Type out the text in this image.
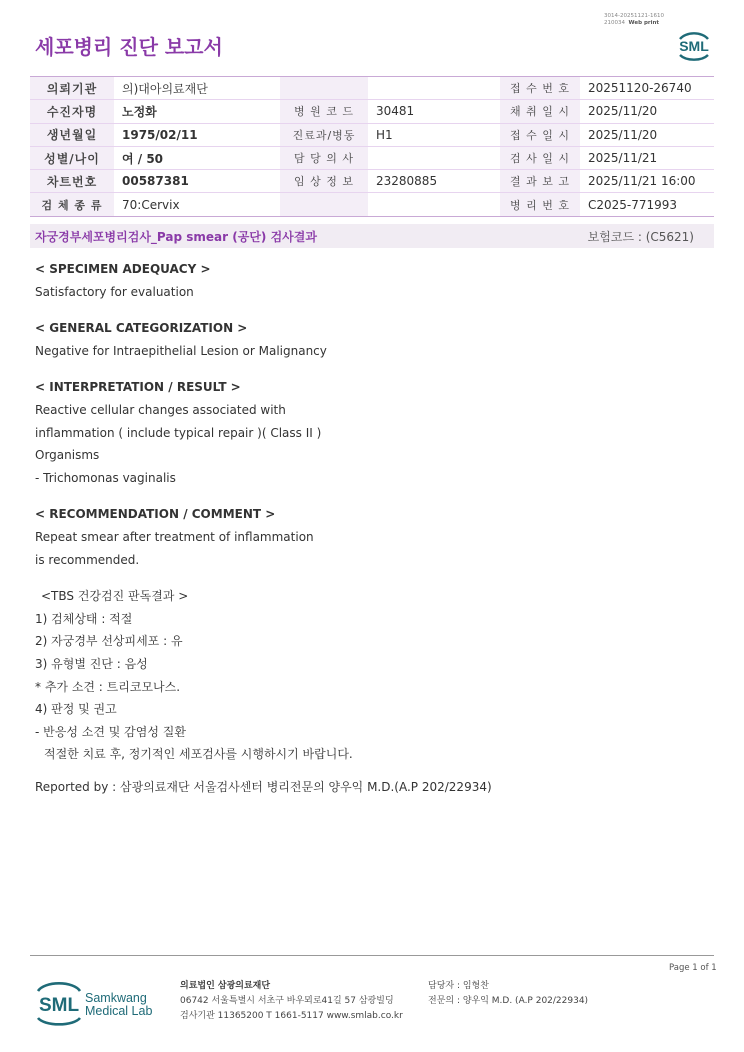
3014-20251121-1610
210034 Web print
세포병리 진단 보고서	SML
의뢰기관	의)대아의료재단			접 수 번 호	20251120-26740
수진자명	노정화	병 원 코 드	30481	채 취 일 시	2025/11/20
생년월일	1975/02/11	진료과/병동	H1	접 수 일 시	2025/11/20
성별/나이	여 / 50	담 당 의 사		검 사 일 시	2025/11/21
차트번호	00587381	임 상 정 보	23280885	결 과 보 고	2025/11/21 16:00
검 체 종 류	70:Cervix			병 리 번 호	C2025-771993
자궁경부세포병리검사_Pap smear (공단) 검사결과	보험코드 : (C5621)
< SPECIMEN ADEQUACY >
Satisfactory for evaluation
< GENERAL CATEGORIZATION >
Negative for Intraepithelial Lesion or Malignancy
< INTERPRETATION / RESULT >
Reactive cellular changes associated with
inflammation ( include typical repair )( Class II )
Organisms
- Trichomonas vaginalis
< RECOMMENDATION / COMMENT >
Repeat smear after treatment of inflammation
is recommended.
<TBS 건강검진 판독결과 >
1) 검체상태 : 적절
2) 자궁경부 선상피세포 : 유
3) 유형별 진단 : 음성
* 추가 소견 : 트리코모나스.
4) 판정 및 권고
- 반응성 소견 및 감염성 질환
적절한 치료 후, 정기적인 세포검사를 시행하시기 바랍니다.
Reported by : 삼광의료재단 서울검사센터 병리전문의 양우익 M.D.(A.P 202/22934)
Page 1 of 1
SML Samkwang
Medical Lab
의료법인 삼광의료재단
06742 서울특별시 서초구 바우뫼로41길 57 삼광빌딩
검사기관 11365200 T 1661-5117 www.smlab.co.kr
담당자 : 임형찬
전문의 : 양우익 M.D. (A.P 202/22934)
